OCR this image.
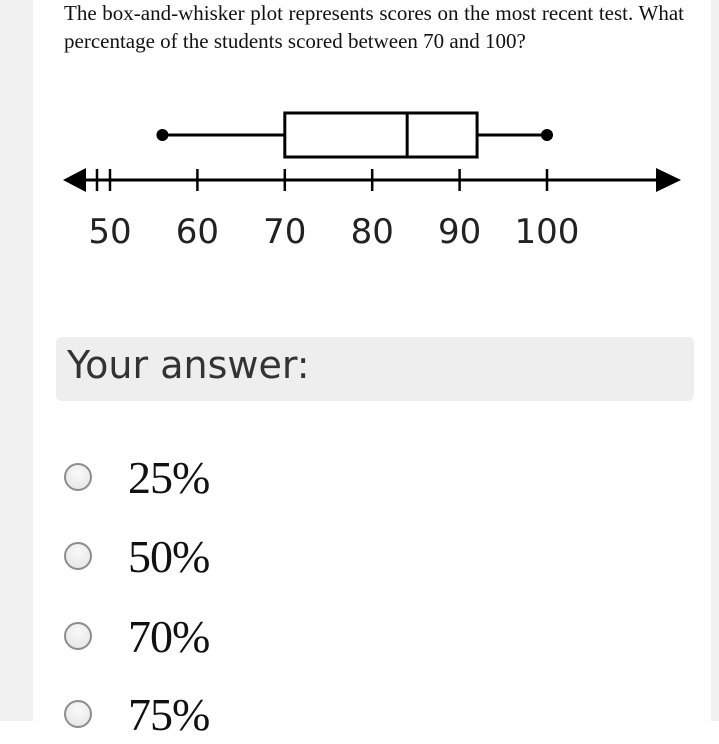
The box-and-whisker plot represents scores on the most recent test. What percentage of the students scored between 70 and 100?
50 60 70 80 90 100
Your answer:
25%
50%
70%
75%
